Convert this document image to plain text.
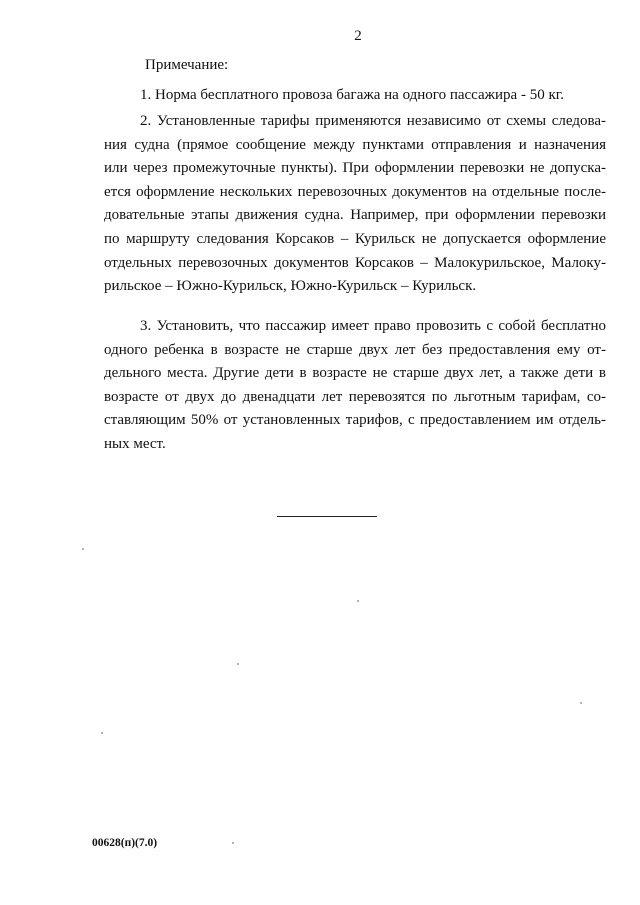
2
Примечание:
1. Норма бесплатного провоза багажа на одного пассажира - 50 кг.
2. Установленные тарифы применяются независимо от схемы следова-
ния судна (прямое сообщение между пунктами отправления и назначения
или через промежуточные пункты). При оформлении перевозки не допуска-
ется оформление нескольких перевозочных документов на отдельные после-
довательные этапы движения судна. Например, при оформлении перевозки
по маршруту следования Корсаков – Курильск не допускается оформление
отдельных перевозочных документов Корсаков – Малокурильское, Малоку-
рильское – Южно-Курильск, Южно-Курильск – Курильск.
3. Установить, что пассажир имеет право провозить с собой бесплатно
одного ребенка в возрасте не старше двух лет без предоставления ему от-
дельного места. Другие дети в возрасте не старше двух лет, а также дети в
возрасте от двух до двенадцати лет перевозятся по льготным тарифам, со-
ставляющим 50% от установленных тарифов, с предоставлением им отдель-
ных мест.
00628(п)(7.0)
